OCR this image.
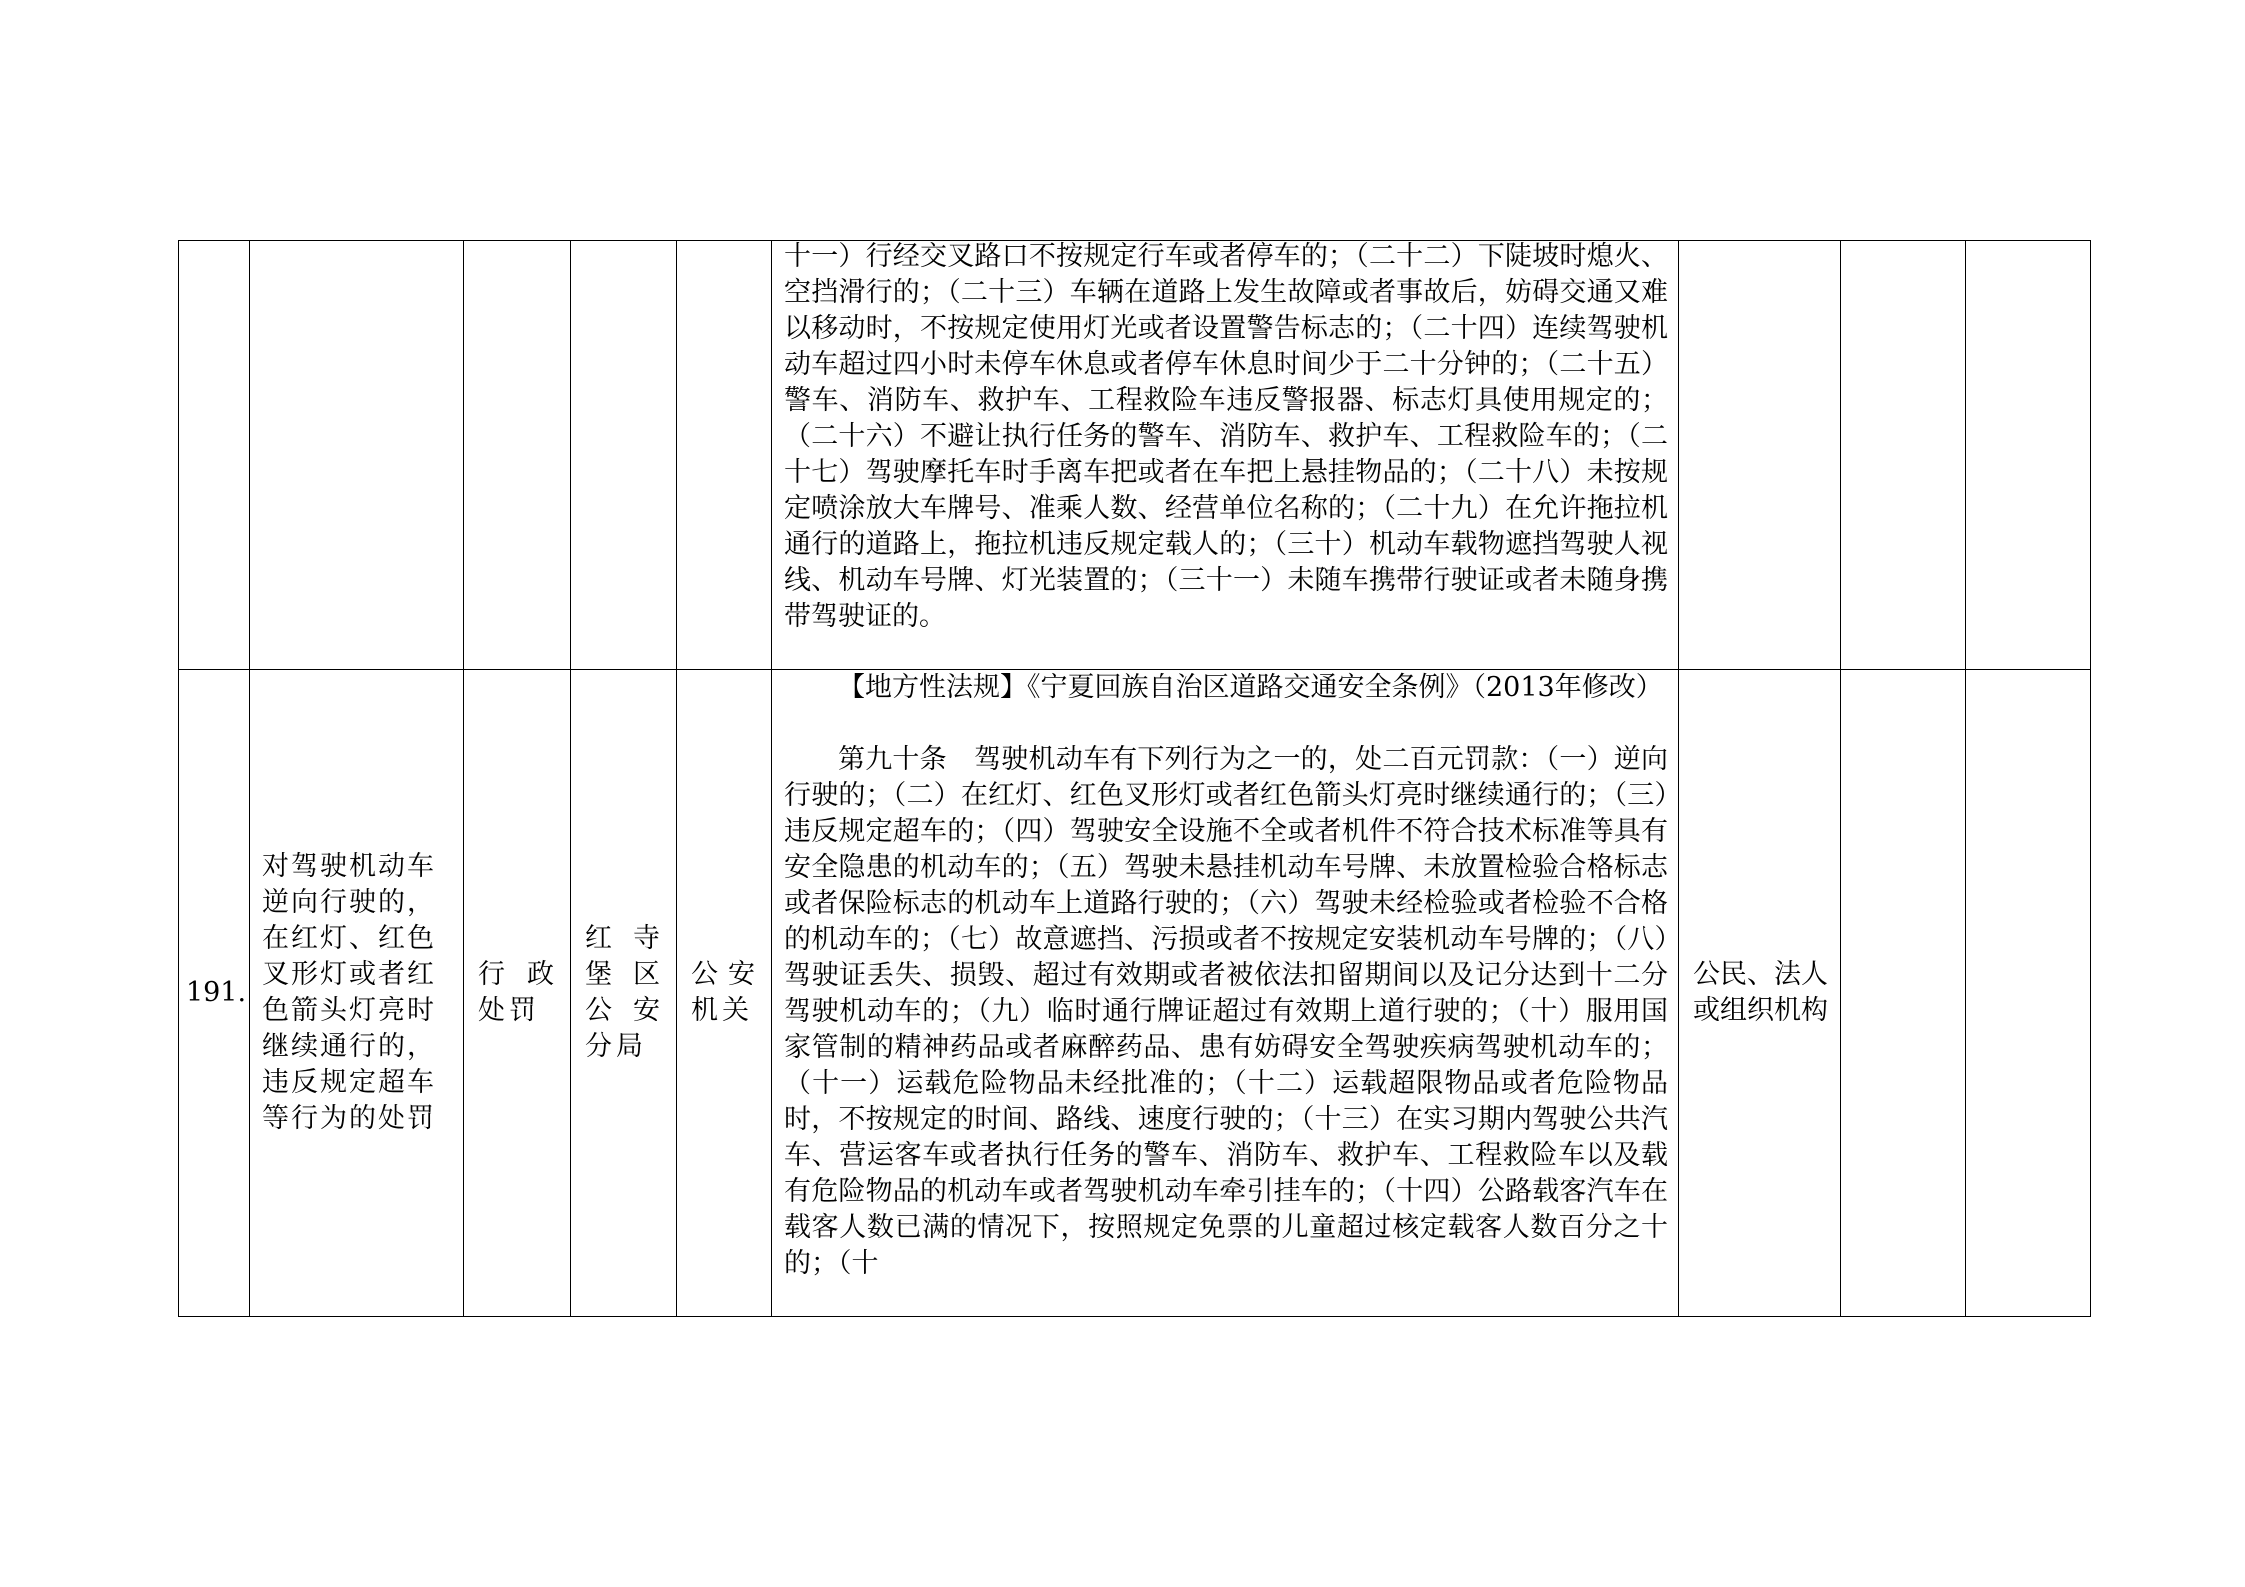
					十一）行经交叉路口不按规定行车或者停车的；（二十二）下陡坡时熄火、空挡滑行的；（二十三）车辆在道路上发生故障或者事故后，妨碍交通又难以移动时，不按规定使用灯光或者设置警告标志的；（二十四）连续驾驶机动车超过四小时未停车休息或者停车休息时间少于二十分钟的；（二十五）警车、消防车、救护车、工程救险车违反警报器、标志灯具使用规定的；（二十六）不避让执行任务的警车、消防车、救护车、工程救险车的；（二十七）驾驶摩托车时手离车把或者在车把上悬挂物品的；（二十八）未按规定喷涂放大车牌号、准乘人数、经营单位名称的；（二十九）在允许拖拉机通行的道路上，拖拉机违反规定载人的；（三十）机动车载物遮挡驾驶人视线、机动车号牌、灯光装置的；（三十一）未随车携带行驶证或者未随身携带驾驶证的。			

191.	对驾驶机动车逆向行驶的，在红灯、红色叉形灯或者红色箭头灯亮时继续通行的，违反规定超车等行为的处罚	行政处罚	红寺堡区公安分局	公安机关	【地方性法规】《宁夏回族自治区道路交通安全条例》（2013年修改）

第九十条　驾驶机动车有下列行为之一的，处二百元罚款：（一）逆向行驶的；（二）在红灯、红色叉形灯或者红色箭头灯亮时继续通行的；（三）违反规定超车的；（四）驾驶安全设施不全或者机件不符合技术标准等具有安全隐患的机动车的；（五）驾驶未悬挂机动车号牌、未放置检验合格标志或者保险标志的机动车上道路行驶的；（六）驾驶未经检验或者检验不合格的机动车的；（七）故意遮挡、污损或者不按规定安装机动车号牌的；（八）驾驶证丢失、损毁、超过有效期或者被依法扣留期间以及记分达到十二分驾驶机动车的；（九）临时通行牌证超过有效期上道行驶的；（十）服用国家管制的精神药品或者麻醉药品、患有妨碍安全驾驶疾病驾驶机动车的；（十一）运载危险物品未经批准的；（十二）运载超限物品或者危险物品时，不按规定的时间、路线、速度行驶的；（十三）在实习期内驾驶公共汽车、营运客车或者执行任务的警车、消防车、救护车、工程救险车以及载有危险物品的机动车或者驾驶机动车牵引挂车的；（十四）公路载客汽车在载客人数已满的情况下，按照规定免票的儿童超过核定载客人数百分之十的；（十	公民、法人或组织机构		
